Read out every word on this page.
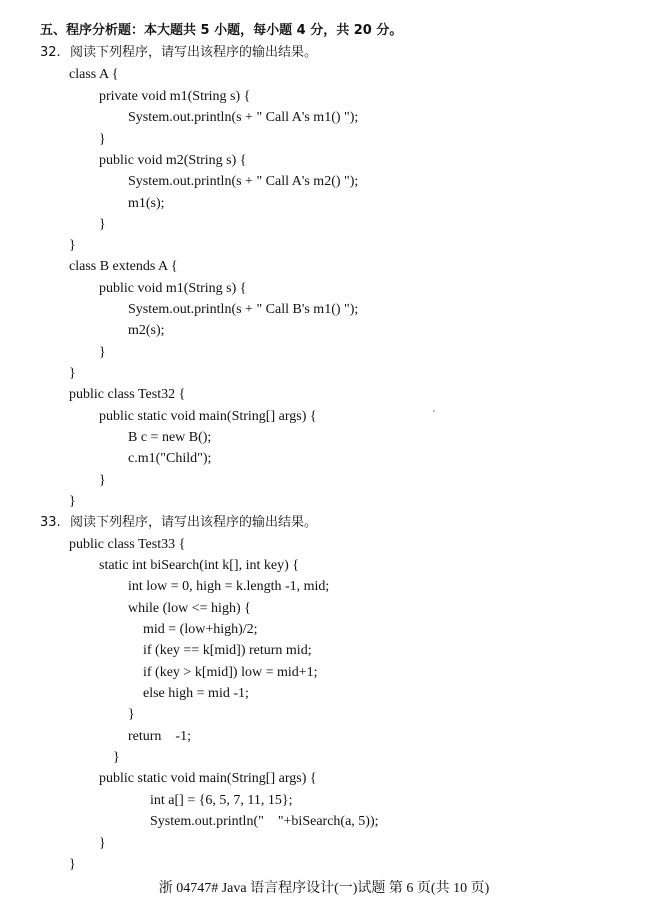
五、程序分析题：本大题共 5 小题，每小题 4 分，共 20 分。
32. 阅读下列程序，请写出该程序的输出结果。
class A {
private void m1(String s) {
System.out.println(s + " Call A's m1() ");
}
public void m2(String s) {
System.out.println(s + " Call A's m2() ");
m1(s);
}
}
class B extends A {
public void m1(String s) {
System.out.println(s + " Call B's m1() ");
m2(s);
}
}
public class Test32 {
public static void main(String[] args) {
B c = new B();
c.m1("Child");
}
}
33. 阅读下列程序，请写出该程序的输出结果。
public class Test33 {
static int biSearch(int k[], int key) {
int low = 0, high = k.length -1, mid;
while (low <= high) {
mid = (low+high)/2;
if (key == k[mid]) return mid;
if (key > k[mid]) low = mid+1;
else high = mid -1;
}
return    -1;
}
public static void main(String[] args) {
int a[] = {6, 5, 7, 11, 15};
System.out.println("    "+biSearch(a, 5));
}
}
浙 04747# Java 语言程序设计(一)试题 第 6 页(共 10 页)
